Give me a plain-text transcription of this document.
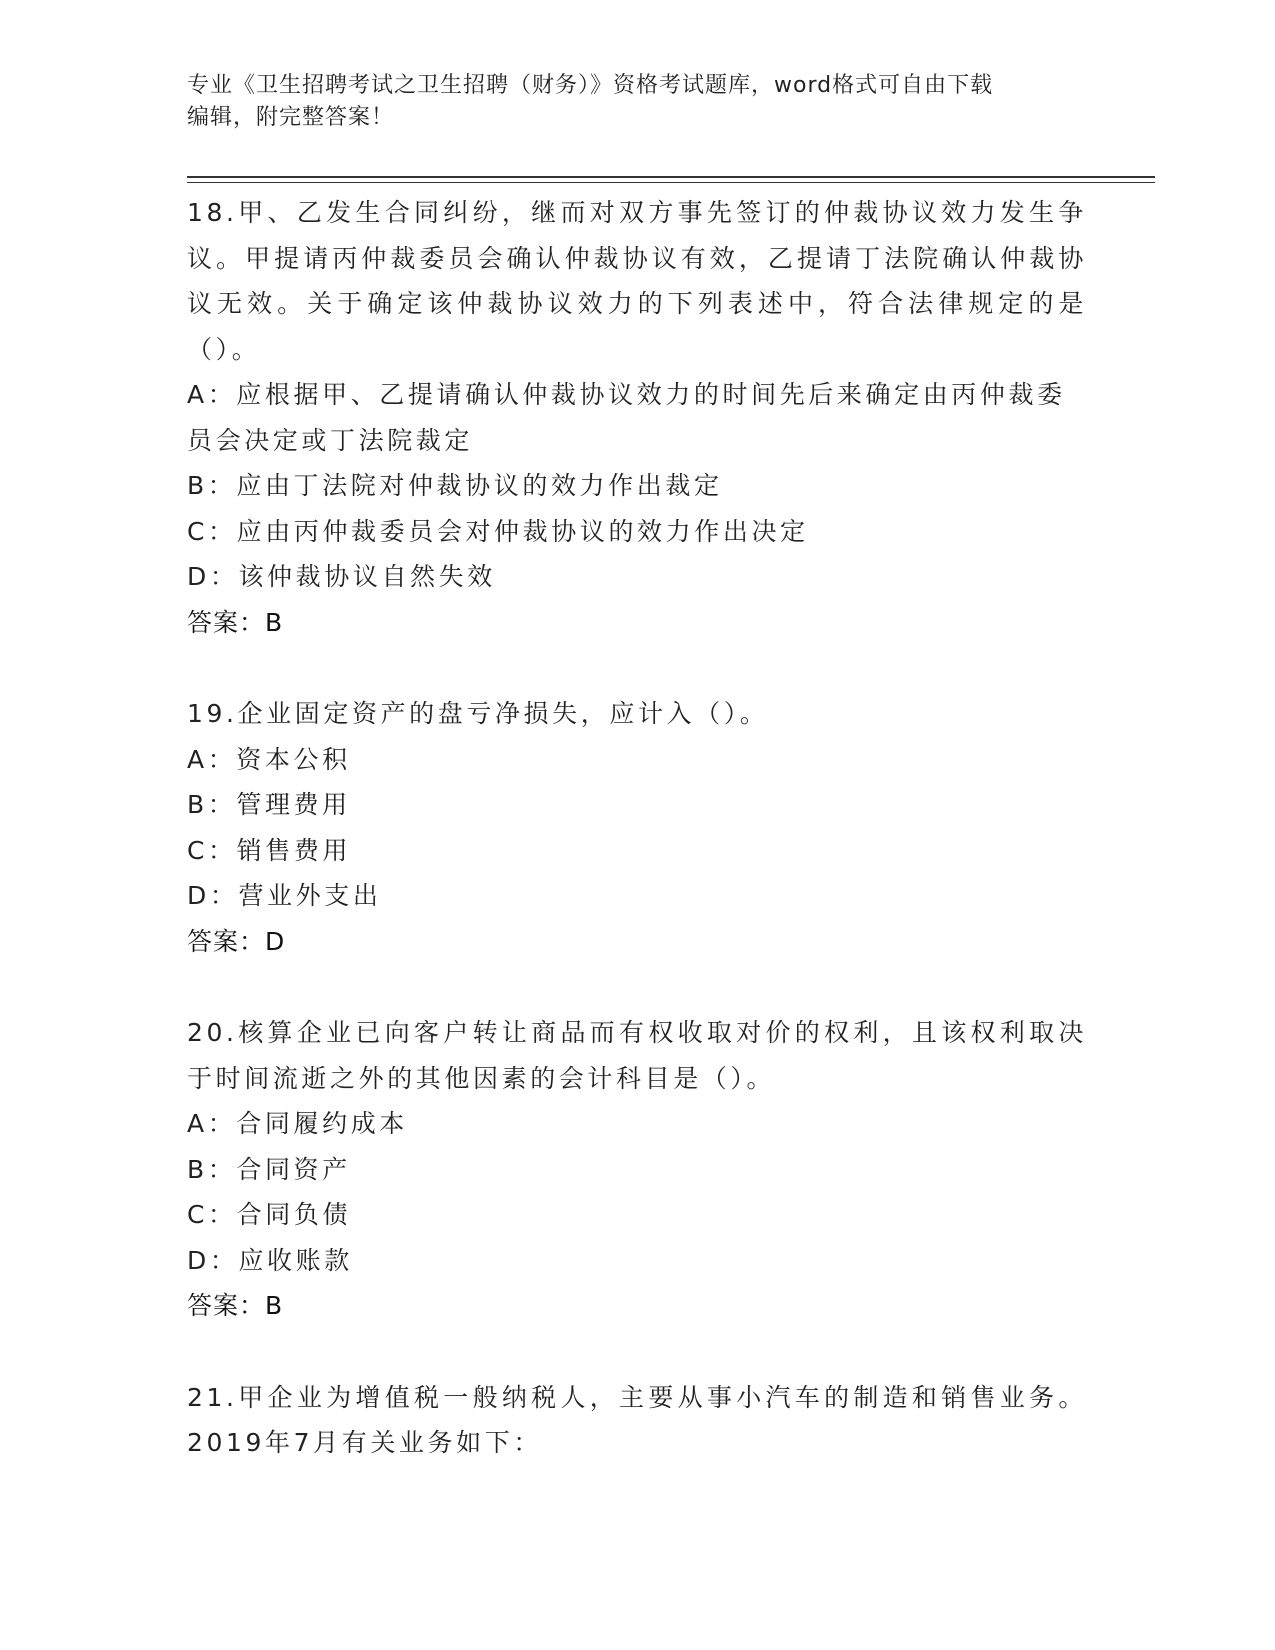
专业《卫生招聘考试之卫生招聘（财务）》资格考试题库，word格式可自由下载
编辑，附完整答案！
18.甲、乙发生合同纠纷，继而对双方事先签订的仲裁协议效力发生争议。甲提请丙仲裁委员会确认仲裁协议有效，乙提请丁法院确认仲裁协议无效。关于确定该仲裁协议效力的下列表述中，符合法律规定的是（）。
A：应根据甲、乙提请确认仲裁协议效力的时间先后来确定由丙仲裁委员会决定或丁法院裁定
B：应由丁法院对仲裁协议的效力作出裁定
C：应由丙仲裁委员会对仲裁协议的效力作出决定
D：该仲裁协议自然失效
答案：B
19.企业固定资产的盘亏净损失，应计入（）。
A：资本公积
B：管理费用
C：销售费用
D：营业外支出
答案：D
20.核算企业已向客户转让商品而有权收取对价的权利，且该权利取决于时间流逝之外的其他因素的会计科目是（）。
A：合同履约成本
B：合同资产
C：合同负债
D：应收账款
答案：B
21.甲企业为增值税一般纳税人，主要从事小汽车的制造和销售业务。2019年7月有关业务如下：
